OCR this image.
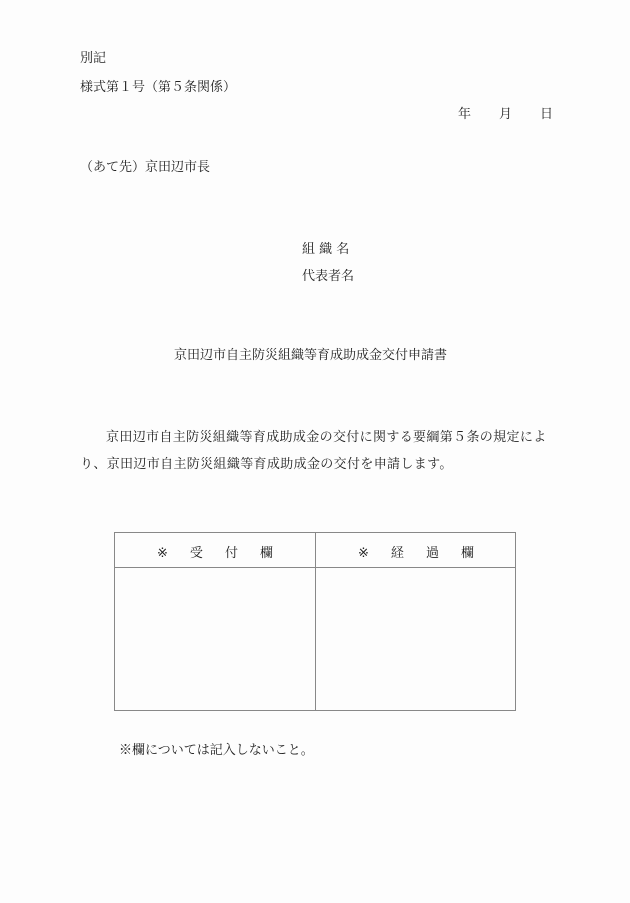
別記
様式第１号（第５条関係）
年 月 日
（あて先）京田辺市長
組 織 名
代表者名
京田辺市自主防災組織等育成助成金交付申請書
京田辺市自主防災組織等育成助成金の交付に関する要綱第５条の規定によ
り、京田辺市自主防災組織等育成助成金の交付を申請します。
※ 受 付 欄	※ 経 過 欄
※欄については記入しないこと。
